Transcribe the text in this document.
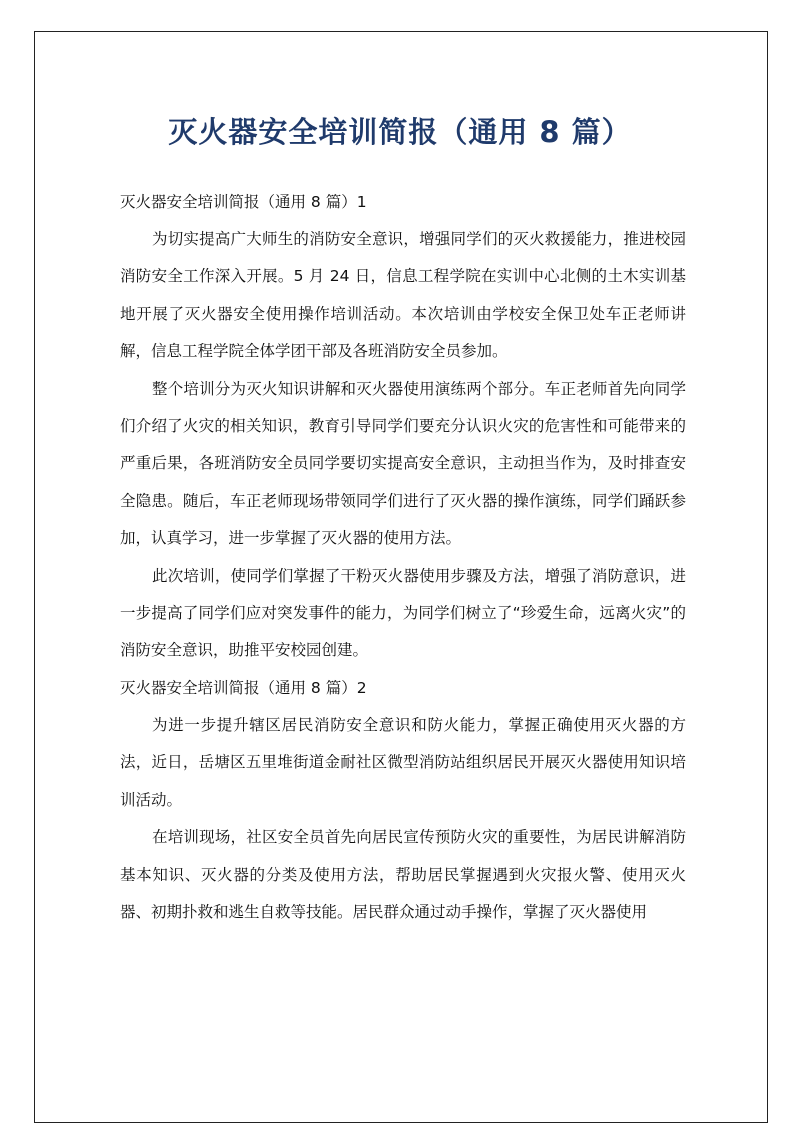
灭火器安全培训简报（通用 8 篇）

灭火器安全培训简报（通用 8 篇）1

为切实提高广大师生的消防安全意识，增强同学们的灭火救援能力，推进校园消防安全工作深入开展。5 月 24 日，信息工程学院在实训中心北侧的土木实训基地开展了灭火器安全使用操作培训活动。本次培训由学校安全保卫处车正老师讲解，信息工程学院全体学团干部及各班消防安全员参加。

整个培训分为灭火知识讲解和灭火器使用演练两个部分。车正老师首先向同学们介绍了火灾的相关知识，教育引导同学们要充分认识火灾的危害性和可能带来的严重后果，各班消防安全员同学要切实提高安全意识，主动担当作为，及时排查安全隐患。随后，车正老师现场带领同学们进行了灭火器的操作演练，同学们踊跃参加，认真学习，进一步掌握了灭火器的使用方法。

此次培训，使同学们掌握了干粉灭火器使用步骤及方法，增强了消防意识，进一步提高了同学们应对突发事件的能力，为同学们树立了“珍爱生命，远离火灾”的消防安全意识，助推平安校园创建。

灭火器安全培训简报（通用 8 篇）2

为进一步提升辖区居民消防安全意识和防火能力，掌握正确使用灭火器的方法，近日，岳塘区五里堆街道金耐社区微型消防站组织居民开展灭火器使用知识培训活动。

在培训现场，社区安全员首先向居民宣传预防火灾的重要性，为居民讲解消防基本知识、灭火器的分类及使用方法，帮助居民掌握遇到火灾报火警、使用灭火器、初期扑救和逃生自救等技能。居民群众通过动手操作，掌握了灭火器使用
